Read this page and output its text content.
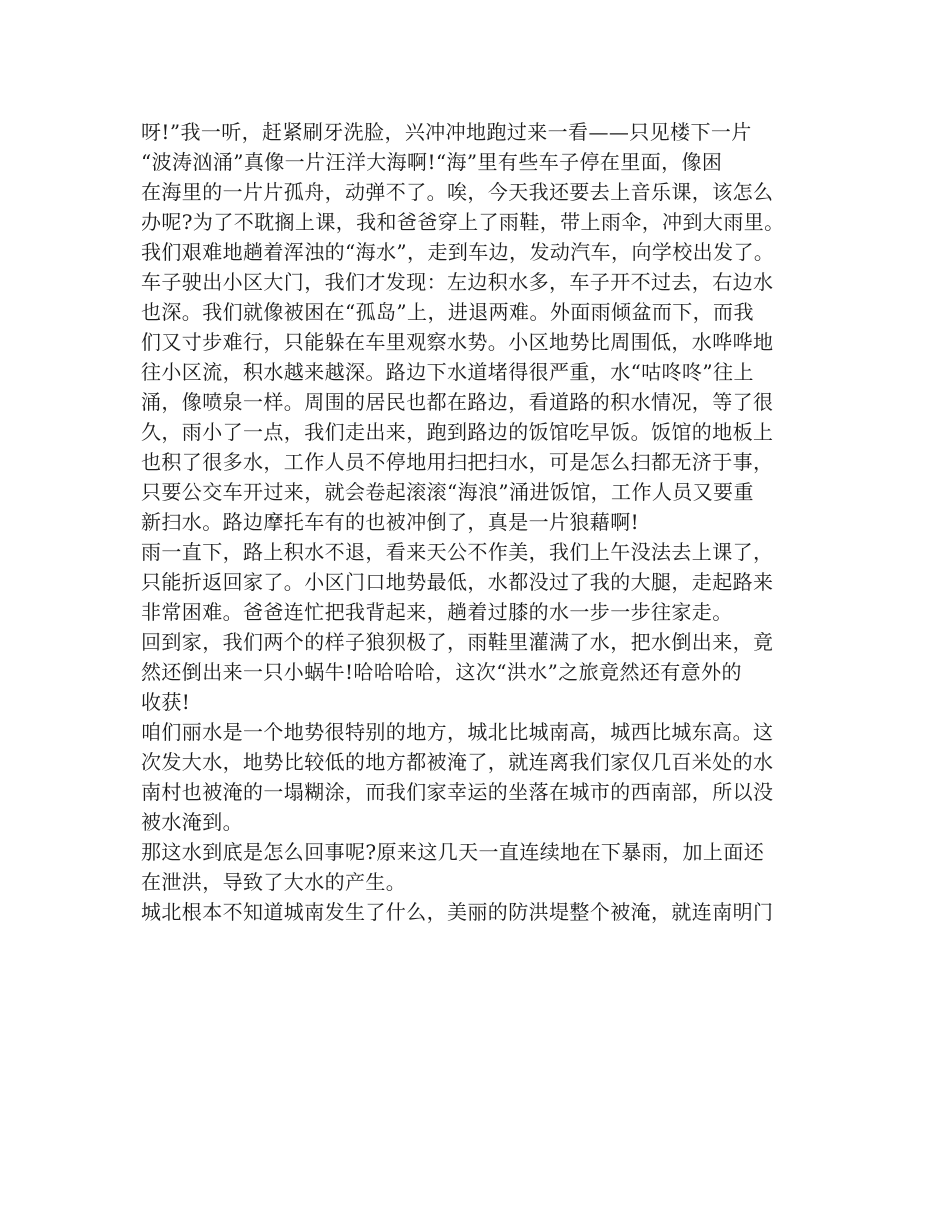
呀!”我一听，赶紧刷牙洗脸，兴冲冲地跑过来一看——只见楼下一片
“波涛汹涌”真像一片汪洋大海啊!“海”里有些车子停在里面，像困
在海里的一片片孤舟，动弹不了。唉，今天我还要去上音乐课，该怎么
办呢?为了不耽搁上课，我和爸爸穿上了雨鞋，带上雨伞，冲到大雨里。
我们艰难地趟着浑浊的“海水”，走到车边，发动汽车，向学校出发了。
车子驶出小区大门，我们才发现：左边积水多，车子开不过去，右边水
也深。我们就像被困在“孤岛”上，进退两难。外面雨倾盆而下，而我
们又寸步难行，只能躲在车里观察水势。小区地势比周围低，水哗哗地
往小区流，积水越来越深。路边下水道堵得很严重，水“咕咚咚”往上
涌，像喷泉一样。周围的居民也都在路边，看道路的积水情况，等了很
久，雨小了一点，我们走出来，跑到路边的饭馆吃早饭。饭馆的地板上
也积了很多水，工作人员不停地用扫把扫水，可是怎么扫都无济于事，
只要公交车开过来，就会卷起滚滚“海浪”涌进饭馆，工作人员又要重
新扫水。路边摩托车有的也被冲倒了，真是一片狼藉啊!
雨一直下，路上积水不退，看来天公不作美，我们上午没法去上课了，
只能折返回家了。小区门口地势最低，水都没过了我的大腿，走起路来
非常困难。爸爸连忙把我背起来，趟着过膝的水一步一步往家走。
回到家，我们两个的样子狼狈极了，雨鞋里灌满了水，把水倒出来，竟
然还倒出来一只小蜗牛!哈哈哈哈，这次“洪水”之旅竟然还有意外的
收获!
咱们丽水是一个地势很特别的地方，城北比城南高，城西比城东高。这
次发大水，地势比较低的地方都被淹了，就连离我们家仅几百米处的水
南村也被淹的一塌糊涂，而我们家幸运的坐落在城市的西南部，所以没
被水淹到。
那这水到底是怎么回事呢?原来这几天一直连续地在下暴雨，加上面还
在泄洪，导致了大水的产生。
城北根本不知道城南发生了什么，美丽的防洪堤整个被淹，就连南明门
